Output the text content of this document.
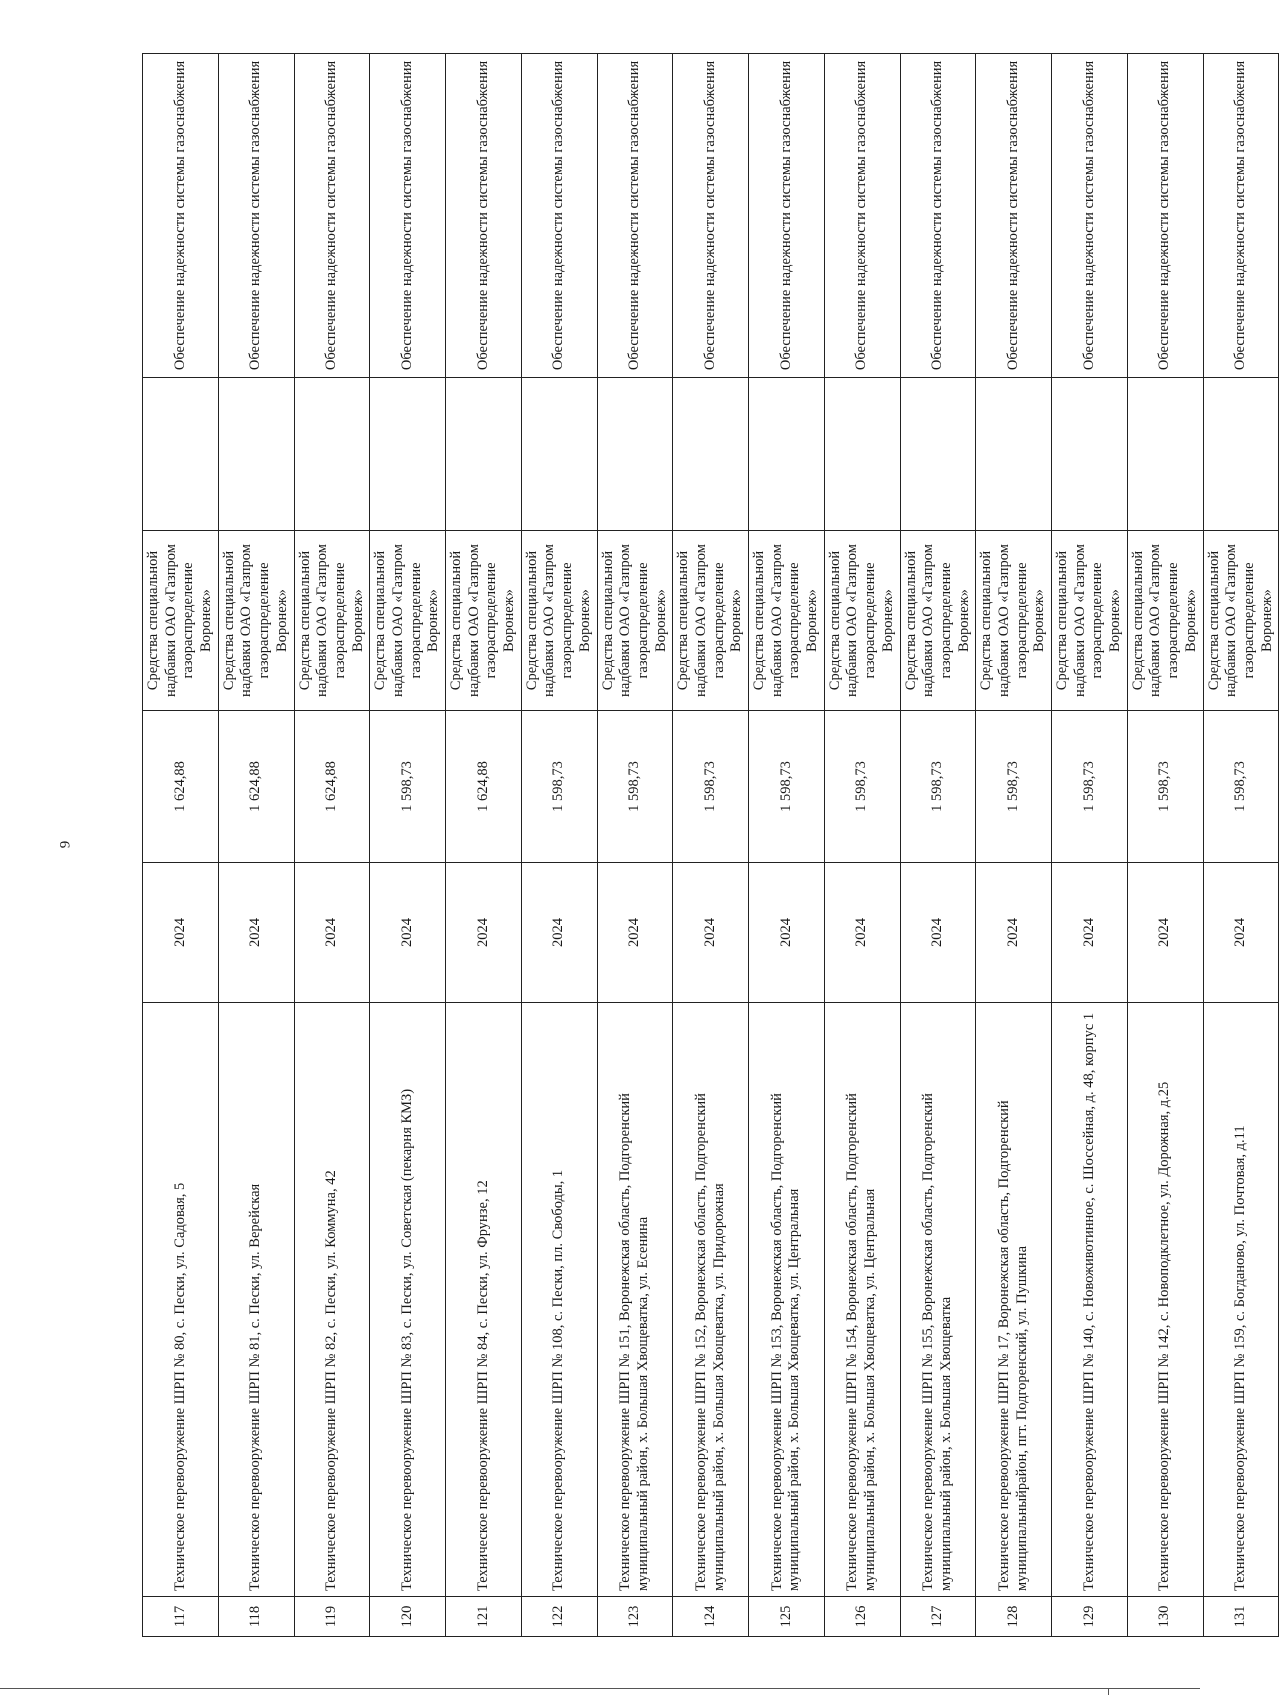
9
117	Техническое перевооружение ШРП № 80, с. Пески, ул. Садовая, 5	2024	1 624,88	Средства специальной надбавки ОАО «Газпром газораспределение Воронеж»		Обеспечение надежности системы газоснабжения
118	Техническое перевооружение ШРП № 81, с. Пески, ул. Верейская	2024	1 624,88	Средства специальной надбавки ОАО «Газпром газораспределение Воронеж»		Обеспечение надежности системы газоснабжения
119	Техническое перевооружение ШРП № 82, с. Пески, ул. Коммуна, 42	2024	1 624,88	Средства специальной надбавки ОАО «Газпром газораспределение Воронеж»		Обеспечение надежности системы газоснабжения
120	Техническое перевооружение ШРП № 83, с. Пески, ул. Советская (пекарня КМЗ)	2024	1 598,73	Средства специальной надбавки ОАО «Газпром газораспределение Воронеж»		Обеспечение надежности системы газоснабжения
121	Техническое перевооружение ШРП № 84, с. Пески, ул. Фрунзе, 12	2024	1 624,88	Средства специальной надбавки ОАО «Газпром газораспределение Воронеж»		Обеспечение надежности системы газоснабжения
122	Техническое перевооружение ШРП № 108, с. Пески, пл. Свободы, 1	2024	1 598,73	Средства специальной надбавки ОАО «Газпром газораспределение Воронеж»		Обеспечение надежности системы газоснабжения
123	Техническое перевооружение ШРП № 151, Воронежская область, Подгоренский муниципальный район, х. Большая Хвощеватка, ул. Есенина	2024	1 598,73	Средства специальной надбавки ОАО «Газпром газораспределение Воронеж»		Обеспечение надежности системы газоснабжения
124	Техническое перевооружение ШРП № 152, Воронежская область, Подгоренский муниципальный район, х. Большая Хвощеватка, ул. Придорожная	2024	1 598,73	Средства специальной надбавки ОАО «Газпром газораспределение Воронеж»		Обеспечение надежности системы газоснабжения
125	Техническое перевооружение ШРП № 153, Воронежская область, Подгоренский муниципальный район, х. Большая Хвощеватка, ул. Центральная	2024	1 598,73	Средства специальной надбавки ОАО «Газпром газораспределение Воронеж»		Обеспечение надежности системы газоснабжения
126	Техническое перевооружение ШРП № 154, Воронежская область, Подгоренский муниципальный район, х. Большая Хвощеватка, ул. Центральная	2024	1 598,73	Средства специальной надбавки ОАО «Газпром газораспределение Воронеж»		Обеспечение надежности системы газоснабжения
127	Техническое перевооружение ШРП № 155, Воронежская область, Подгоренский муниципальный район, х. Большая Хвощеватка	2024	1 598,73	Средства специальной надбавки ОАО «Газпром газораспределение Воронеж»		Обеспечение надежности системы газоснабжения
128	Техническое перевооружение ШРП № 17, Воронежская область, Подгоренский муниципальныйрайон, пгт. Подгоренский, ул. Пушкина	2024	1 598,73	Средства специальной надбавки ОАО «Газпром газораспределение Воронеж»		Обеспечение надежности системы газоснабжения
129	Техническое перевооружение ШРП № 140, с. Новоживотинное, с. Шоссейная, д. 48, корпус 1	2024	1 598,73	Средства специальной надбавки ОАО «Газпром газораспределение Воронеж»		Обеспечение надежности системы газоснабжения
130	Техническое перевооружение ШРП № 142, с. Новоподклетное, ул. Дорожная, д.25	2024	1 598,73	Средства специальной надбавки ОАО «Газпром газораспределение Воронеж»		Обеспечение надежности системы газоснабжения
131	Техническое перевооружение ШРП № 159, с. Богданово, ул. Почтовая, д.11	2024	1 598,73	Средства специальной надбавки ОАО «Газпром газораспределение Воронеж»		Обеспечение надежности системы газоснабжения
